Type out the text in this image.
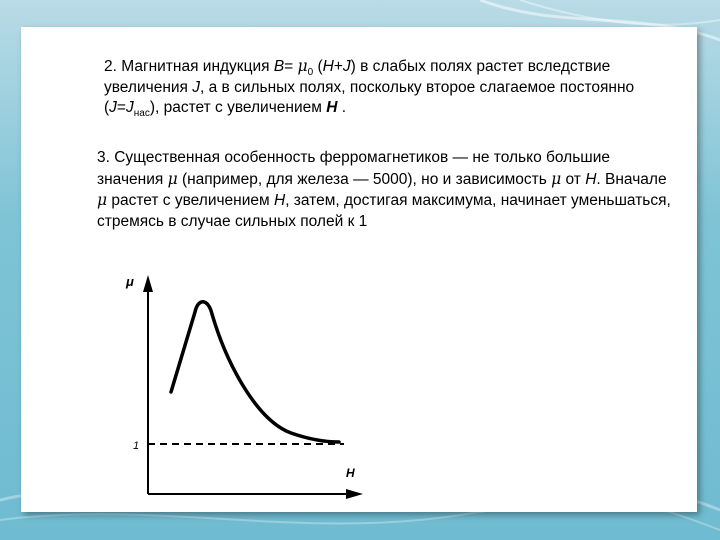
2. Магнитная индукция $B= \mu_0$ (H+J) в слабых полях растет вследствие увеличения J, а в сильных полях, поскольку второе слагаемое постоянно $(J=J_{нас})$, растет с увеличением H .

3. Существенная особенность ферромагнетиков — не только большие значения μ (например, для железа — 5000), но и зависимость μ от H. Вначале μ растет с увеличением H, затем, достигая максимума, начинает уменьшаться, стремясь в случае сильных полей к 1

μ
H
1
